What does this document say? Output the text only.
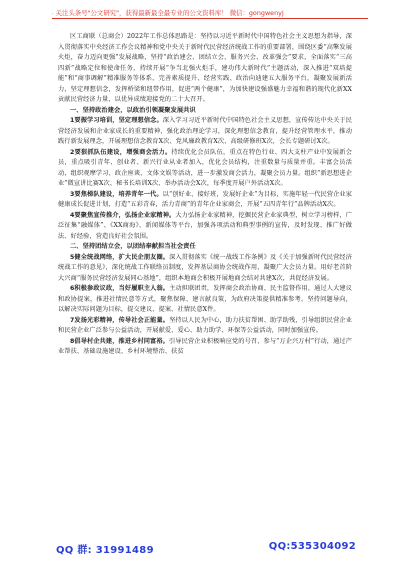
· 关注头条号"公文研究"，获得最新最全最专业的公文资料库！ 微信：gongwenyj

区工商联（总商会）2022年工作总体思路是：坚持以习近平新时代中国特色社会主义思想为指导，深入贯彻落实中央经济工作会议精神和党中央关于新时代民营经济统战工作的重要部署，围绕区委“高擎发展火炬，奋力迈向更强”发展战略，坚持“政治建会、团结立会、服务兴会、改革强会”要求，全面落实“三高四新”战略定位和使命任务，持续开展“争当北强火炬手，建功伟大新时代”主题活动，深入推进“双培提能”和“商事调解”精准服务等体系，完善素质提升、经营实践、政治向迪建五大服务平台，凝聚发展新活力，坚定理想信念，发挥桥梁和纽带作用，促进“两个健康”，为加快建设强盛魅力幸福和谐的现代化新XX贡献民营经济力量，以优异成绩迎接党的二十大召开。

一、坚持政治建会，以政治引领凝聚发展共识

1要振学习培训，坚定理想信念。深入学习习近平新时代中国特色社会主义思想，宣传传达中央关于民营经济发展和企业家成长的重要精神，强化政治理论学习，深化理想信念教育，提升经营管理水平，推动践行新发展理念，开展理想信念教育X次、党风廉政教育X次、高级研修班X次，会长专题研讨X次。

2要狠抓队伍建设，增强商会活力。持续优化会员队伍，重点在特色行业、四大支柱产业中发展新会员，重点吸引青年、创业者、新兴行业从业者加入，优化会员结构，注重数量与质量并重。丰富会员活动，组织观摩学习、政企座谈、文体文娱等活动，进一步激发商会活力，凝聚会员力量。组织“新思想进企业”微宣讲比赛X次、秘书长培训X次、举办活动会X次，每季度开展户外活动X次。

3要焦梯队建设，培养青年一代。以“创好业、接好班，发展好企业”为目标，实施年轻一代民营企业家健康成长促进计划，打造“五彩青春，活力青商”的青年企业家商会，开展“五四青年行”品牌活动X次。

4要聚焦宣传推介，弘扬企业家精神。大力弘扬企业家精神，挖掘民营企业家典型，树立学习榜样，广泛征集“融媒体”、《XX商海》、新闻媒体等平台，加强各项活动和典型事例的宣传，及时发现、推广好做法、好经验，营造良好社会氛围。

二、坚持团结立会，以团结奉献担当社会责任

5健全统战网络，扩大民企朋友圈。深入贯彻落实《统一战线工作条例》及《关于加强新时代民营经济统战工作的意见》，深化统战工作联络员制度，发挥基层商协会统战作用，凝聚广大会员力量。用好老首阶大兴商“服务民营经济发展同心基地”，组织本地商会积极开展地商会结对共建X次，共促经济发展。

6积极参政议政，当好履职主人翁。主动担联团责，发挥商会政治协商、民主监督作用，通过人大建议和政协提案，推进社情民意等方式，聚焦保障、建言献良策，为政府决策提供精准参考。坚持问题导向，以解决实际问题为目标，提交建议、提案、社情民意X件。

7发扬光彩精神，传导社会正能量。坚持以人民为中心，助力扶贫帮困、助学助残，引导组织民营企业和民营企业广泛参与公益活动，开展献爱、爱心、助力助学、环保等公益活动，同时加强宣传。

8倡导村企共建，推进乡村同富裕。引导民营企业积极响应党的号召，参与“万企兴万村”行动，通过产业帮扶、基础设施建设、乡村环境整治、扶贫

QQ 群: 31991489	QQ:535304092
